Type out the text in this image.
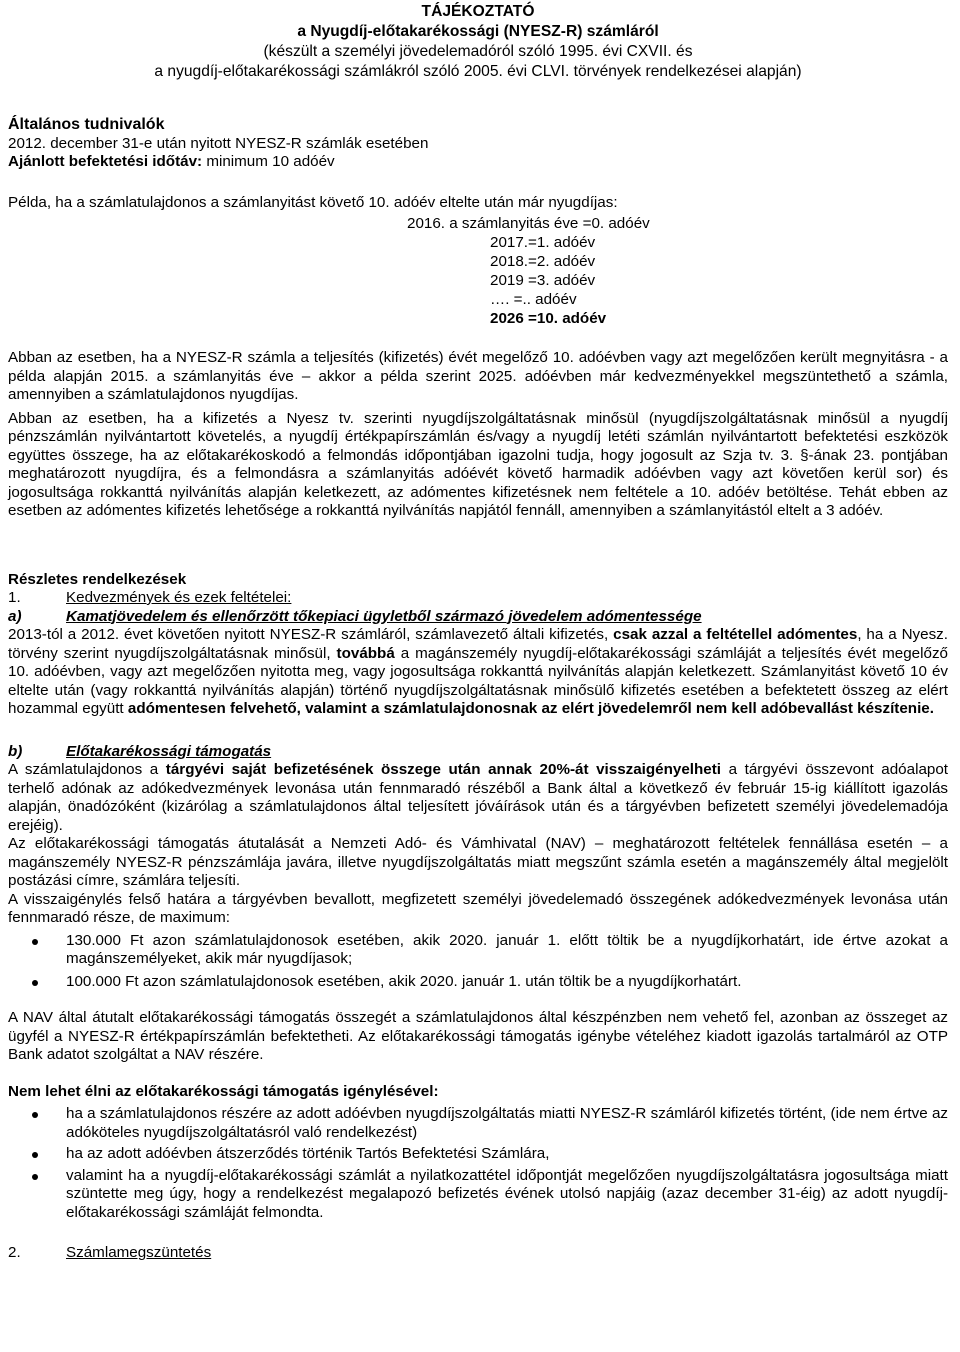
TÁJÉKOZTATÓ

a Nyugdíj-előtakarékossági (NYESZ-R) számláról

(készült a személyi jövedelemadóról szóló 1995. évi CXVII. és

a nyugdíj-előtakarékossági számlákról szóló 2005. évi CLVI. törvények rendelkezései alapján)

Általános tudnivalók

2012. december 31-e után nyitott NYESZ-R számlák esetében

Ajánlott befektetési időtáv: minimum 10 adóév

Példa, ha a számlatulajdonos a számlanyitást követő 10. adóév eltelte után már nyugdíjas:

2016. a számlanyitás éve =0. adóév

2017.=1. adóév

2018.=2. adóév

2019 =3. adóév

…. =.. adóév

2026 =10. adóév

Abban az esetben, ha a NYESZ-R számla a teljesítés (kifizetés) évét megelőző 10. adóévben vagy azt megelőzően került megnyitásra - a példa alapján 2015. a számlanyitás éve – akkor a példa szerint 2025. adóévben már kedvezményekkel megszüntethető a számla, amennyiben a számlatulajdonos nyugdíjas.

Abban az esetben, ha a kifizetés a Nyesz tv. szerinti nyugdíjszolgáltatásnak minősül (nyugdíjszolgáltatásnak minősül a nyugdíj pénzszámlán nyilvántartott követelés, a nyugdíj értékpapírszámlán és/vagy a nyugdíj letéti számlán nyilvántartott befektetési eszközök együttes összege, ha az előtakarékoskodó a felmondás időpontjában igazolni tudja, hogy jogosult az Szja tv. 3. §-ának 23. pontjában meghatározott nyugdíjra, és a felmondásra a számlanyitás adóévét követő harmadik adóévben vagy azt követően kerül sor) és jogosultsága rokkanttá nyilvánítás alapján keletkezett, az adómentes kifizetésnek nem feltétele a 10. adóév betöltése. Tehát ebben az esetben az adómentes kifizetés lehetősége a rokkanttá nyilvánítás napjától fennáll, amennyiben a számlanyitástól eltelt a 3 adóév.

Részletes rendelkezések

1.	Kedvezmények és ezek feltételei:
a)	Kamatjövedelem és ellenőrzött tőkepiaci ügyletből származó jövedelem adómentessége

2013-tól a 2012. évet követően nyitott NYESZ-R számláról, számlavezető általi kifizetés, csak azzal a feltétellel adómentes, ha a Nyesz. törvény szerint nyugdíjszolgáltatásnak minősül, továbbá a magánszemély nyugdíj-előtakarékossági számláját a teljesítés évét megelőző 10. adóévben, vagy azt megelőzően nyitotta meg, vagy jogosultsága rokkanttá nyilvánítás alapján keletkezett. Számlanyitást követő 10 év eltelte után (vagy rokkanttá nyilvánítás alapján) történő nyugdíjszolgáltatásnak minősülő kifizetés esetében a befektetett összeg az elért hozammal együtt adómentesen felvehető, valamint a számlatulajdonosnak az elért jövedelemről nem kell adóbevallást készítenie.

b)	Előtakarékossági támogatás

A számlatulajdonos a tárgyévi saját befizetésének összege után annak 20%-át visszaigényelheti a tárgyévi összevont adóalapot terhelő adónak az adókedvezmények levonása után fennmaradó részéből a Bank által a következő év február 15-ig kiállított igazolás alapján, önadózóként (kizárólag a számlatulajdonos által teljesített jóváírások után és a tárgyévben befizetett személyi jövedelemadója erejéig).

Az előtakarékossági támogatás átutalását a Nemzeti Adó- és Vámhivatal (NAV) – meghatározott feltételek fennállása esetén – a magánszemély NYESZ-R pénzszámlája javára, illetve nyugdíjszolgáltatás miatt megszűnt számla esetén a magánszemély által megjelölt postázási címre, számlára teljesíti.

A visszaigénylés felső határa a tárgyévben bevallott, megfizetett személyi jövedelemadó összegének adókedvezmények levonása után fennmaradó része, de maximum:

130.000 Ft azon számlatulajdonosok esetében, akik 2020. január 1. előtt töltik be a nyugdíjkorhatárt, ide értve azokat a magánszemélyeket, akik már nyugdíjasok;

100.000 Ft azon számlatulajdonosok esetében, akik 2020. január 1. után töltik be a nyugdíjkorhatárt.

A NAV által átutalt előtakarékossági támogatás összegét a számlatulajdonos által készpénzben nem vehető fel, azonban az összeget az ügyfél a NYESZ-R értékpapírszámlán befektetheti. Az előtakarékossági támogatás igénybe vételéhez kiadott igazolás tartalmáról az OTP Bank adatot szolgáltat a NAV részére.

Nem lehet élni az előtakarékossági támogatás igénylésével:

ha a számlatulajdonos részére az adott adóévben nyugdíjszolgáltatás miatti NYESZ-R számláról kifizetés történt, (ide nem értve az adóköteles nyugdíjszolgáltatásról való rendelkezést)

ha az adott adóévben átszerződés történik Tartós Befektetési Számlára,

valamint ha a nyugdíj-előtakarékossági számlát a nyilatkozattétel időpontját megelőzően nyugdíjszolgáltatásra jogosultsága miatt szüntette meg úgy, hogy a rendelkezést megalapozó befizetés évének utolsó napjáig (azaz december 31-éig) az adott nyugdíj-előtakarékossági számláját felmondta.

2.	Számlamegszüntetés
